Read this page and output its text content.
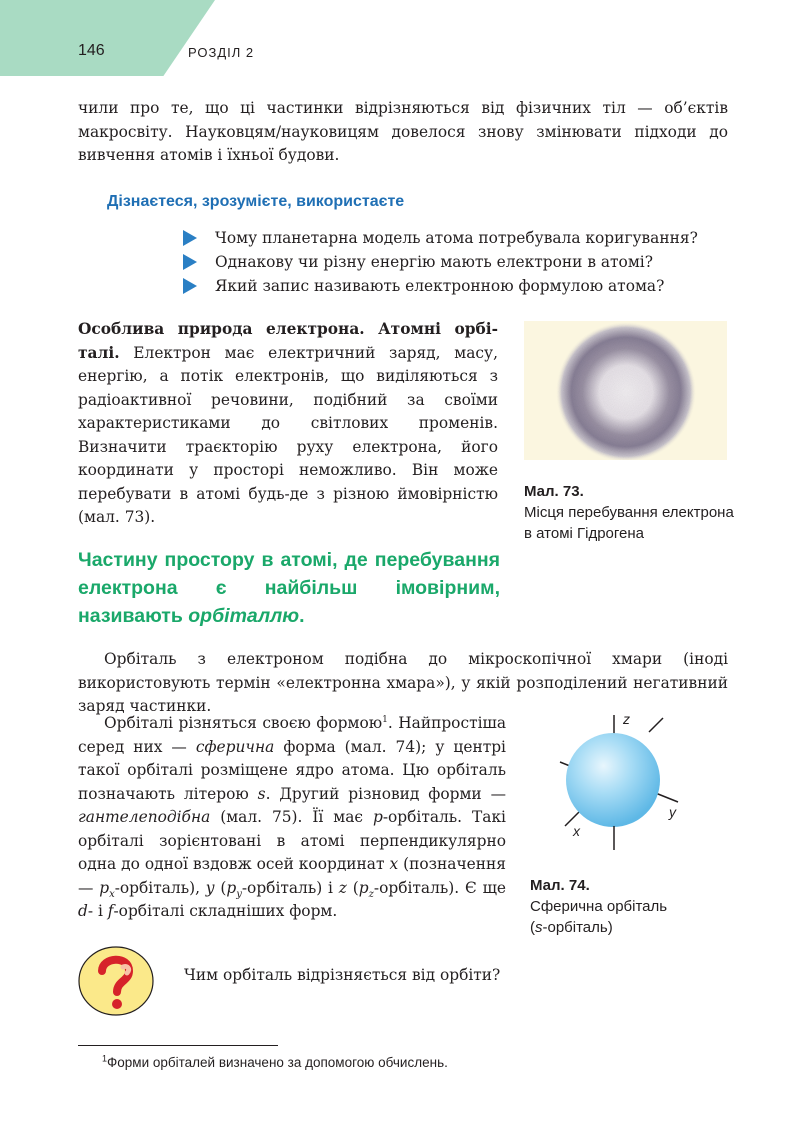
146	РОЗДІЛ 2

чили про те, що ці частинки відрізняються від фізичних тіл — об’єктів макросвіту. Науковцям/науковицям довелося знову змінювати підходи до вивчення атомів і їхньої будови.

Дізнаєтеся, зрозумієте, використаєте
Чому планетарна модель атома потребувала коригування?
Однакову чи різну енергію мають електрони в атомі?
Який запис називають електронною формулою атома?

Особлива природа електрона. Атомні орбіталі. Електрон має електричний заряд, масу, енергію, а потік електронів, що виділяються з радіоактивної речовини, подібний за своїми характеристиками до світлових променів. Визначити траєкторію руху електрона, його координати у просторі неможливо. Він може перебувати в атомі будь-де з різною ймовірністю (мал. 73).

Мал. 73.
Місця перебування електрона в атомі Гідрогена

Частину простору в атомі, де перебування електрона є найбільш імовірним, називають орбіталлю.

Орбіталь з електроном подібна до мікроскопічної хмари (іноді використовують термін «електронна хмара»), у якій розподілений негативний заряд частинки.

Орбіталі різняться своєю формою$^1$. Найпростіша серед них — сферична форма (мал. 74); у центрі такої орбіталі розміщене ядро атома. Цю орбіталь позначають літерою s. Другий різновид форми — гантелеподібна (мал. 75). Її має p-орбіталь. Такі орбіталі зорієнтовані в атомі перпендикулярно одна до одної вздовж осей координат x (позначення — $p_x-орбіталь$), y $(p_y-орбіталь)$ і z $(p_z-орбіталь)$. Є ще d- і f-орбіталі складніших форм.

z
y
x
Мал. 74.
Сферична орбіталь
(s-орбіталь)
Чим орбіталь відрізняється від орбіти?
$^1$Форми орбіталей визначено за допомогою обчислень.
